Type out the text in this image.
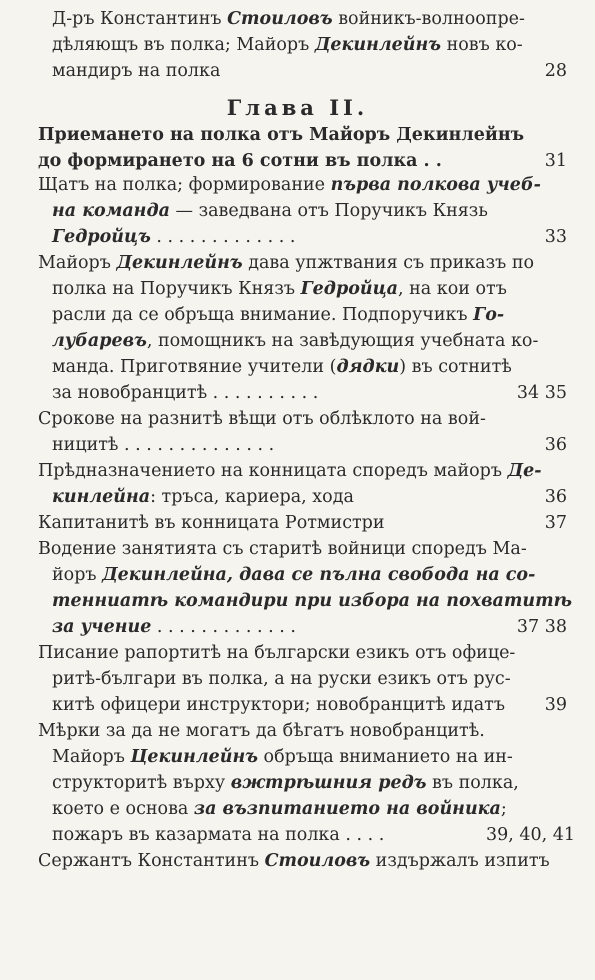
Д-ръ Константинъ Стоиловъ войникъ-волноопре-
дѣляющъ въ полка; Майоръ Декинлейнъ новъ ко-
мандиръ на полка	28
Глава II.
Приемането на полка отъ Майоръ Декинлейнъ
до формирането на 6 сотни въ полка . .	31
Щатъ на полка; формирование първа полкова учеб-
на команда — заведвана отъ Поручикъ Князь
Гедройцъ . . . . . . . . . . . . .	33
Майоръ Декинлейнъ дава упжтвания съ приказъ по
полка на Поручикъ Князъ Гедройца, на кои отъ
расли да се обръща внимание. Подпоручикъ Го-
лубаревъ, помощникъ на завѣдующия учебната ко-
манда. Приготвяние учители (дядки) въ сотнитѣ
за новобранцитѣ . . . . . . . . . .	34 35
Срокове на разнитѣ вѣщи отъ облѣклото на вой-
ницитѣ . . . . . . . . . . . . . .	36
Прѣдназначението на конницата споредъ майоръ Де-
кинлейна: тръса, кариера, хода	36
Капитанитѣ въ конницата Ротмистри	37
Водение занятията съ старитѣ войници споредъ Ма-
йоръ Декинлейна, дава се пълна свобода на со-
тенниатѣ командири при избора на похватитѣ
за учение . . . . . . . . . . . . .	37 38
Писание рапортитѣ на български езикъ отъ офице-
ритѣ-българи въ полка, а на руски езикъ отъ рус-
китѣ офицери инструктори; новобранцитѣ идатъ	39
Мѣрки за да не могатъ да бѣгатъ новобранцитѣ.
Майоръ Цекинлейнъ обръща вниманието на ин-
структоритѣ върху вжтрѣшния редъ въ полка,
което е основа за възпитанието на войника;
пожаръ въ казармата на полка . . . .	39, 40, 41
Сержантъ Константинъ Стоиловъ издържалъ изпитъ
